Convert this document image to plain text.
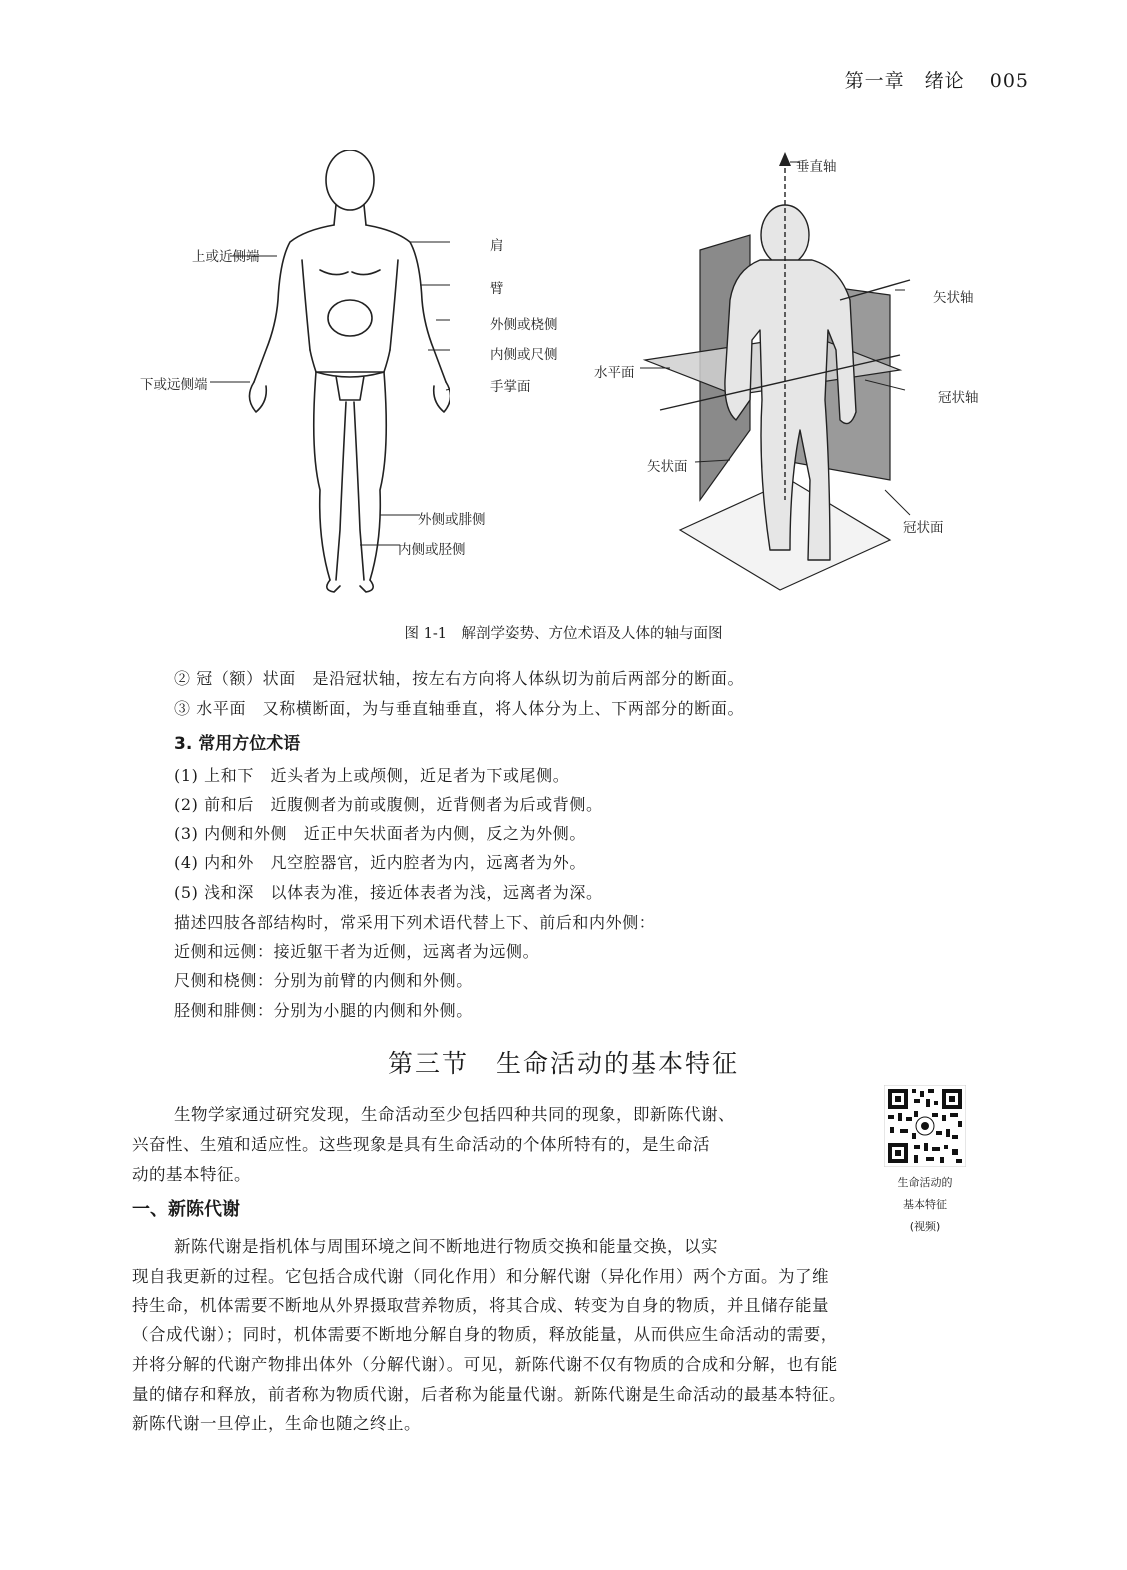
第一章　绪论 005
上或近侧端
下或远侧端
肩
臂
外侧或桡侧
内侧或尺侧
手掌面
外侧或腓侧
内侧或胫侧
垂直轴
矢状轴
水平面
冠状轴
矢状面
冠状面
图 1-1　解剖学姿势、方位术语及人体的轴与面图
② 冠（额）状面　是沿冠状轴，按左右方向将人体纵切为前后两部分的断面。
③ 水平面　又称横断面，为与垂直轴垂直，将人体分为上、下两部分的断面。
3. 常用方位术语
(1) 上和下　近头者为上或颅侧，近足者为下或尾侧。
(2) 前和后　近腹侧者为前或腹侧，近背侧者为后或背侧。
(3) 内侧和外侧　近正中矢状面者为内侧，反之为外侧。
(4) 内和外　凡空腔器官，近内腔者为内，远离者为外。
(5) 浅和深　以体表为准，接近体表者为浅，远离者为深。
描述四肢各部结构时，常采用下列术语代替上下、前后和内外侧：
近侧和远侧：接近躯干者为近侧，远离者为远侧。
尺侧和桡侧：分别为前臂的内侧和外侧。
胫侧和腓侧：分别为小腿的内侧和外侧。
第三节　生命活动的基本特征
生物学家通过研究发现，生命活动至少包括四种共同的现象，即新陈代谢、
兴奋性、生殖和适应性。这些现象是具有生命活动的个体所特有的，是生命活
动的基本特征。	生命活动的
基本特征
(视频)
一、新陈代谢
新陈代谢是指机体与周围环境之间不断地进行物质交换和能量交换，以实
现自我更新的过程。它包括合成代谢（同化作用）和分解代谢（异化作用）两个方面。为了维
持生命，机体需要不断地从外界摄取营养物质，将其合成、转变为自身的物质，并且储存能量
（合成代谢）；同时，机体需要不断地分解自身的物质，释放能量，从而供应生命活动的需要，
并将分解的代谢产物排出体外（分解代谢）。可见，新陈代谢不仅有物质的合成和分解，也有能
量的储存和释放，前者称为物质代谢，后者称为能量代谢。新陈代谢是生命活动的最基本特征。
新陈代谢一旦停止，生命也随之终止。
